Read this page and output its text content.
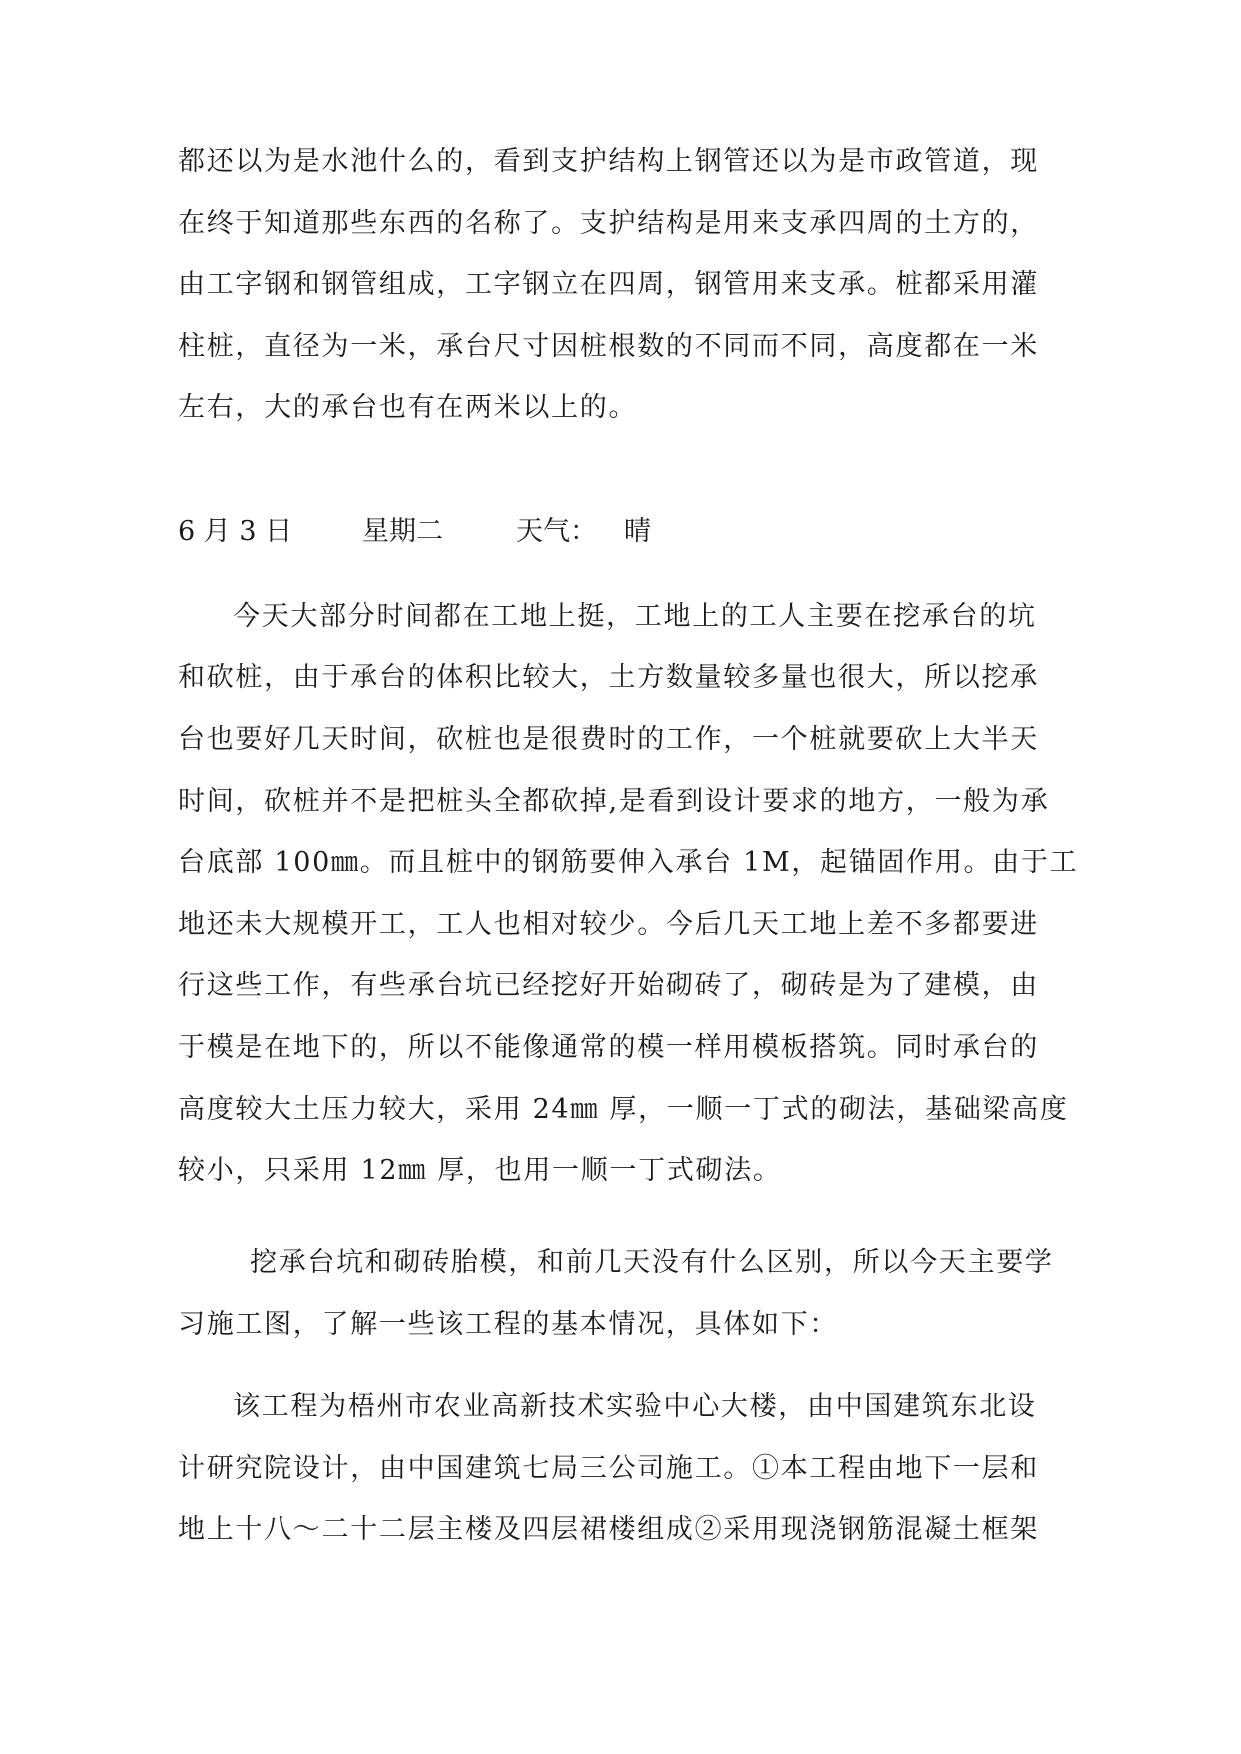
都还以为是水池什么的，看到支护结构上钢管还以为是市政管道，现
在终于知道那些东西的名称了。支护结构是用来支承四周的土方的，
由工字钢和钢管组成，工字钢立在四周，钢管用来支承。桩都采用灌
柱桩，直径为一米，承台尺寸因桩根数的不同而不同，高度都在一米
左右，大的承台也有在两米以上的。
6 月 3 日	星期二	天气： 晴
今天大部分时间都在工地上挺，工地上的工人主要在挖承台的坑
和砍桩，由于承台的体积比较大，土方数量较多量也很大，所以挖承
台也要好几天时间，砍桩也是很费时的工作，一个桩就要砍上大半天
时间，砍桩并不是把桩头全都砍掉,是看到设计要求的地方，一般为承
台底部 100㎜。而且桩中的钢筋要伸入承台 1M，起锚固作用。由于工
地还未大规模开工，工人也相对较少。今后几天工地上差不多都要进
行这些工作，有些承台坑已经挖好开始砌砖了，砌砖是为了建模，由
于模是在地下的，所以不能像通常的模一样用模板搭筑。同时承台的
高度较大土压力较大，采用 24㎜ 厚，一顺一丁式的砌法，基础梁高度
较小，只采用 12㎜ 厚，也用一顺一丁式砌法。
挖承台坑和砌砖胎模，和前几天没有什么区别，所以今天主要学
习施工图，了解一些该工程的基本情况，具体如下：
该工程为梧州市农业高新技术实验中心大楼，由中国建筑东北设
计研究院设计，由中国建筑七局三公司施工。①本工程由地下一层和
地上十八～二十二层主楼及四层裙楼组成②采用现浇钢筋混凝土框架
